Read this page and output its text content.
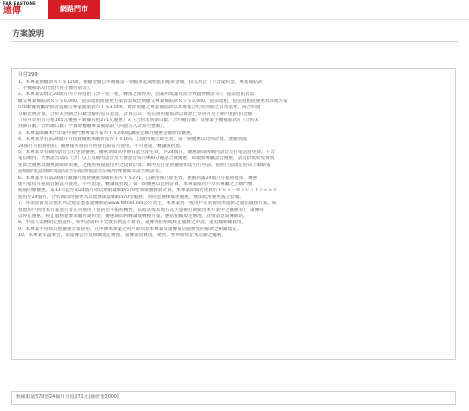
FAR EASTONE
遠傳	網路門市
方案說明
月付299
1、本專案預繳新ＮＴ＄1200，預繳金額自申辦後第一期帳單起開始抵扣帳單金額，扣完為止（不含違約金、專案補貼款
、手機補貼及代收代付小額付款等）。
2、本專案需綁定24個月內不得退租（含一退一租，轉預之或停用、因違約或違反法令致遭停機者等），提前退租者需
繳交專案補貼款ＮＴ＄6,000，提前退租或變更方案者需按比例繳交專案補貼款ＮＴ＄3,000，提前退租、提前退租或變更為其他方案
570數據費屬期間者需繳交專案補貼款ＮＴ＄3,000，實際須繳之專案補貼款以本專案合約未到期之日為基準，按合約週
日數比例計算。合約未到期之日數含解約當日起算，計算公式：電信費用補貼款以實際已享用吾及上網月租折扣金額
（每月享用吾月租165元優惠＋數據月租271元優惠）×（合約未到期日數／合約總日數）及專案手機補貼款×（合約未
到期日數／合約總日數）＝實際應繳專案補貼款（四捨五入計算至整數）。
3、本專案限購本門市新申辦門號專案方案ＮＴ＄240臨購限定購月優惠金額折扣優惠。
4、本專案享有前24個月月租費優惠加碼折扣ＮＴ＄165，自啟用後立即生效，第一期優惠以比例計算，連續到滿
24個月月租費抵扣，優惠僅可抵扣月租費且限當月使用，不可退還、轉讓或折現。
5、本專案享有網內語音互打免費優惠，優惠期間為申辦日起立即生效，共24個月，優惠期間內網內語音互打電話將免費、不含
電信網內、大號語音165（含）以上及網內語音及大號語音每月990分鐘語音費優惠，即服務專屬語音優惠，語音折抵如免費或
免費之優惠及優惠期限結束後，之後將恢復使用中之資費計算；網內互打免費優惠如需另行申請，按照目前規定時段上網路電
話/國際電話/國際漫遊/語音信箱/加值語音信箱/特殊號碼等語音簡訊等。
6、本專案享有前24個月數據月租費優惠加碼折扣ＮＴ＄271，自啟用後立即生效，連續到滿24個月月租費抵扣，優惠
僅可抵扣月租費且限當月使用，不可退還、轉讓或折現，第一期優惠以比例計算，本專案限用戶享有專屬之上網門號
開通的額優惠，第13月起至第24個月則以無限量網路570型加價服務費計算，本專案期間若免費於ＦＥＴ－ＷｉＦｉｆｒｅｅ０
使用至24個月，合約期間內變更為其他無限量網路570型服務，須同意選擇後述優惠，無法抵用變更後之套餐。
7、各項資費及其他未列之規定悉依遠傳網站www.fetnet.net公告為主，本專案為一般用戶正常使用所提供之通信服務方案，如
發現用戶利用本方案進行非正常使用（包括但不限於轉售、以程式或其他方式大量撥打或使用本方案中之優惠等），遠傳得
以停止優惠、終止服務並要求繳付違約金；優惠期間內轉讓或轉換方案，應依相關規定辦理，詳情請見遠傳網站。
8、申請人需檢附完整證件，如申請資料不全或有偽造不實者，遠傳得拒絕或終止服務之申請，並追繳相關費用。
9、本專案不得與其他優惠方案併用，凡申辦本專案之用戶即同意本專案及遠傳電信服務契約條款之相關規定。
10、本專案未盡事宜，依遠傳公告及相關規定辦理，遠傳保留修改、變更、暫停或終止本活動之權利。
無線限量570型24個月月租271元(總折金3000)
